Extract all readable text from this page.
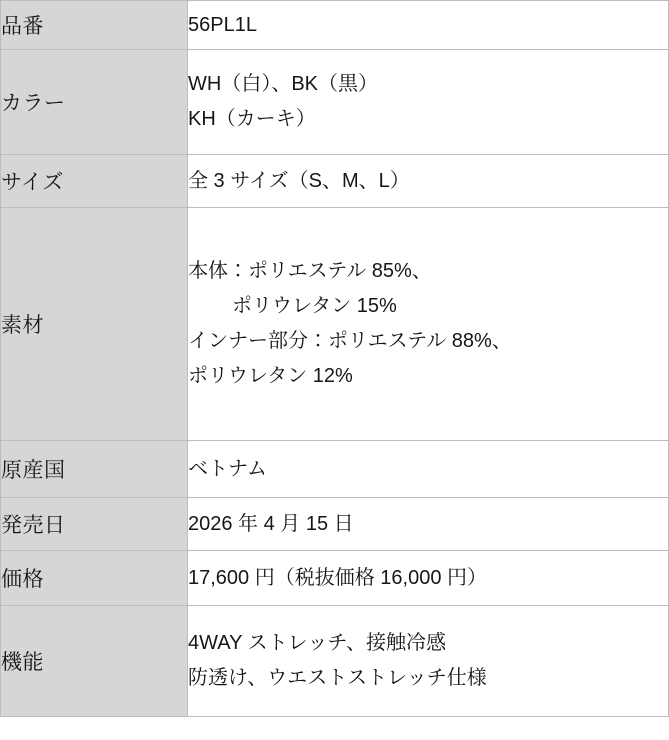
品番	56PL1L

カラー	WH（白）、BK（黒）
KH（カーキ）

サイズ	全 3 サイズ（S、M、L）

素材	本体：ポリエステル 85%、
ポリウレタン 15%
インナー部分：ポリエステル 88%、
ポリウレタン 12%

原産国	ベトナム

発売日	2026 年 4 月 15 日

価格	17,600 円（税抜価格 16,000 円）

機能	4WAY ストレッチ、接触冷感
防透け、ウエストストレッチ仕様
